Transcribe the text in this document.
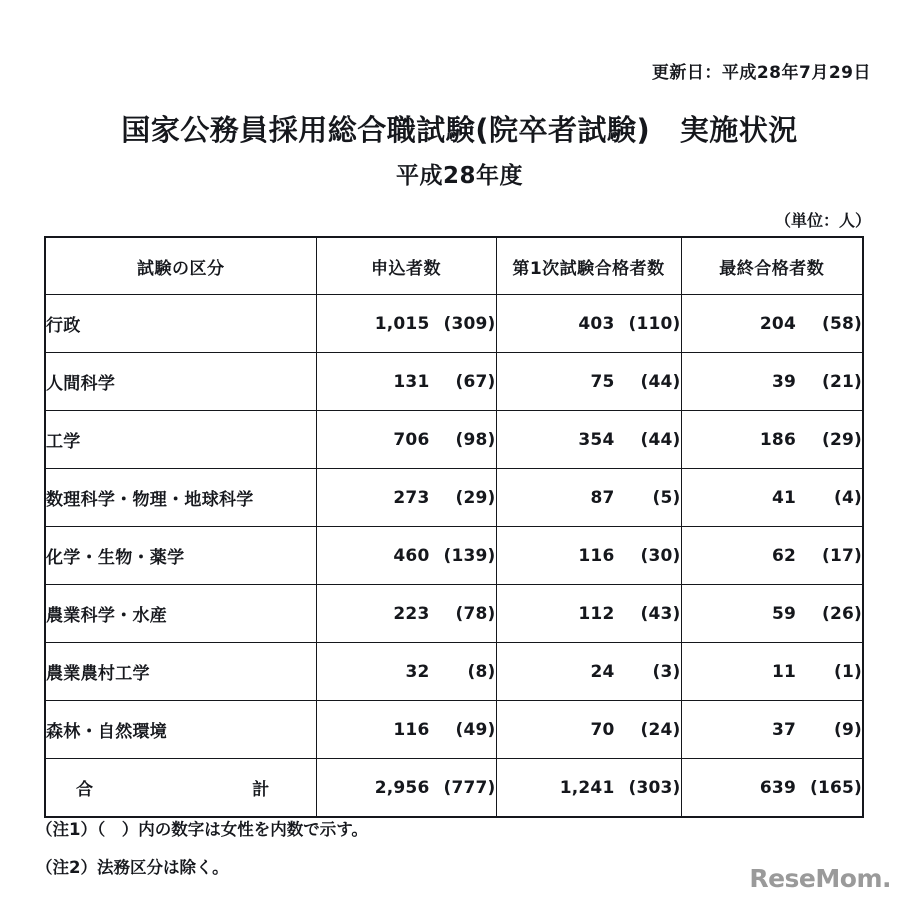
更新日：平成28年7月29日
国家公務員採用総合職試験(院卒者試験)　実施状況
平成28年度
（単位：人）
試験の区分	申込者数	第1次試験合格者数	最終合格者数
行政	1,015 (309)	403 (110)	204 (58)

人間科学	131 (67)	75 (44)	39 (21)

工学	706 (98)	354 (44)	186 (29)

数理科学・物理・地球科学	273 (29)	87 (5)	41 (4)

化学・生物・薬学	460 (139)	116 (30)	62 (17)

農業科学・水産	223 (78)	112 (43)	59 (26)

農業農村工学	32 (8)	24 (3)	11 (1)

森林・自然環境	116 (49)	70 (24)	37 (9)

合 計	2,956 (777)	1,241 (303)	639 (165)
（注1）（　）内の数字は女性を内数で示す。
（注2）法務区分は除く。	ReseMom.
